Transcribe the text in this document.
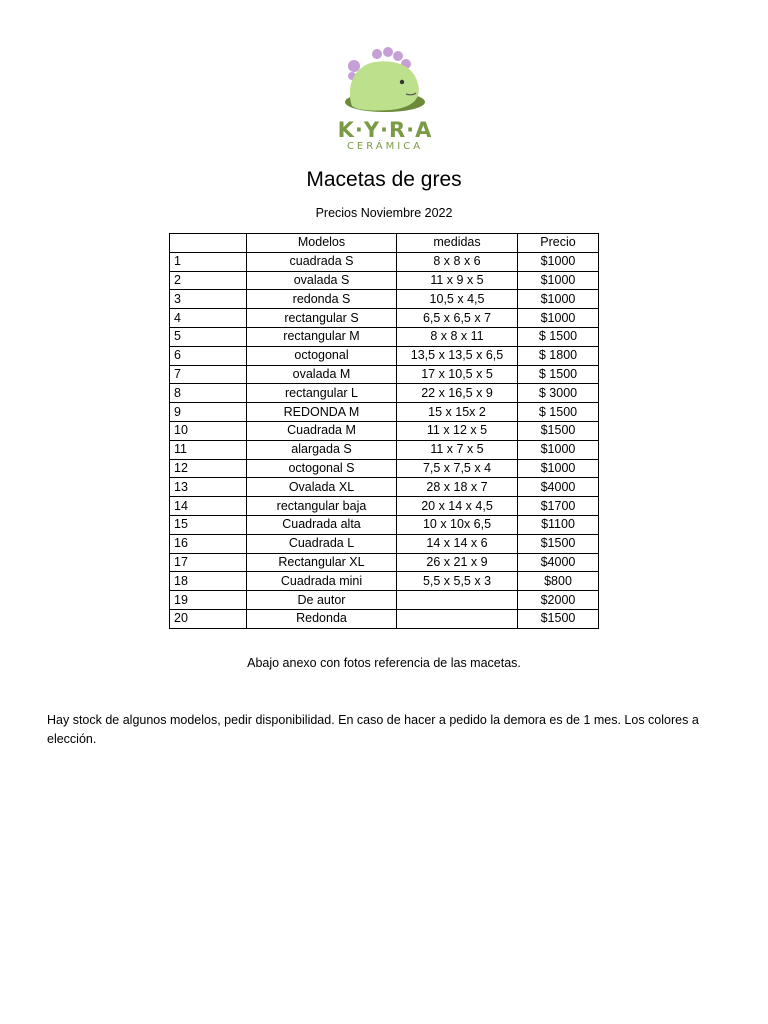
K·Y·R·A
CERÁMICA
Macetas de gres
Precios Noviembre 2022
	Modelos	medidas	Precio
1	cuadrada S	8 x 8 x 6	$1000
2	ovalada S	11 x 9 x 5	$1000
3	redonda S	10,5 x 4,5	$1000
4	rectangular S	6,5 x 6,5 x 7	$1000
5	rectangular M	8 x 8 x 11	$ 1500
6	octogonal	13,5 x 13,5 x 6,5	$ 1800
7	ovalada M	17 x 10,5 x 5	$ 1500
8	rectangular L	22 x 16,5 x 9	$ 3000
9	REDONDA M	15 x 15x 2	$ 1500
10	Cuadrada M	11 x 12 x 5	$1500
11	alargada S	11 x 7 x 5	$1000
12	octogonal S	7,5 x 7,5 x 4	$1000
13	Ovalada XL	28 x 18 x 7	$4000
14	rectangular baja	20 x 14 x 4,5	$1700
15	Cuadrada alta	10 x 10x 6,5	$1100
16	Cuadrada L	14 x 14 x 6	$1500
17	Rectangular XL	26 x 21 x 9	$4000
18	Cuadrada mini	5,5 x 5,5 x 3	$800
19	De autor		$2000
20	Redonda		$1500
Abajo anexo con fotos referencia de las macetas.
Hay stock de algunos modelos, pedir disponibilidad. En caso de hacer a pedido la demora es de 1 mes. Los colores a elección.
